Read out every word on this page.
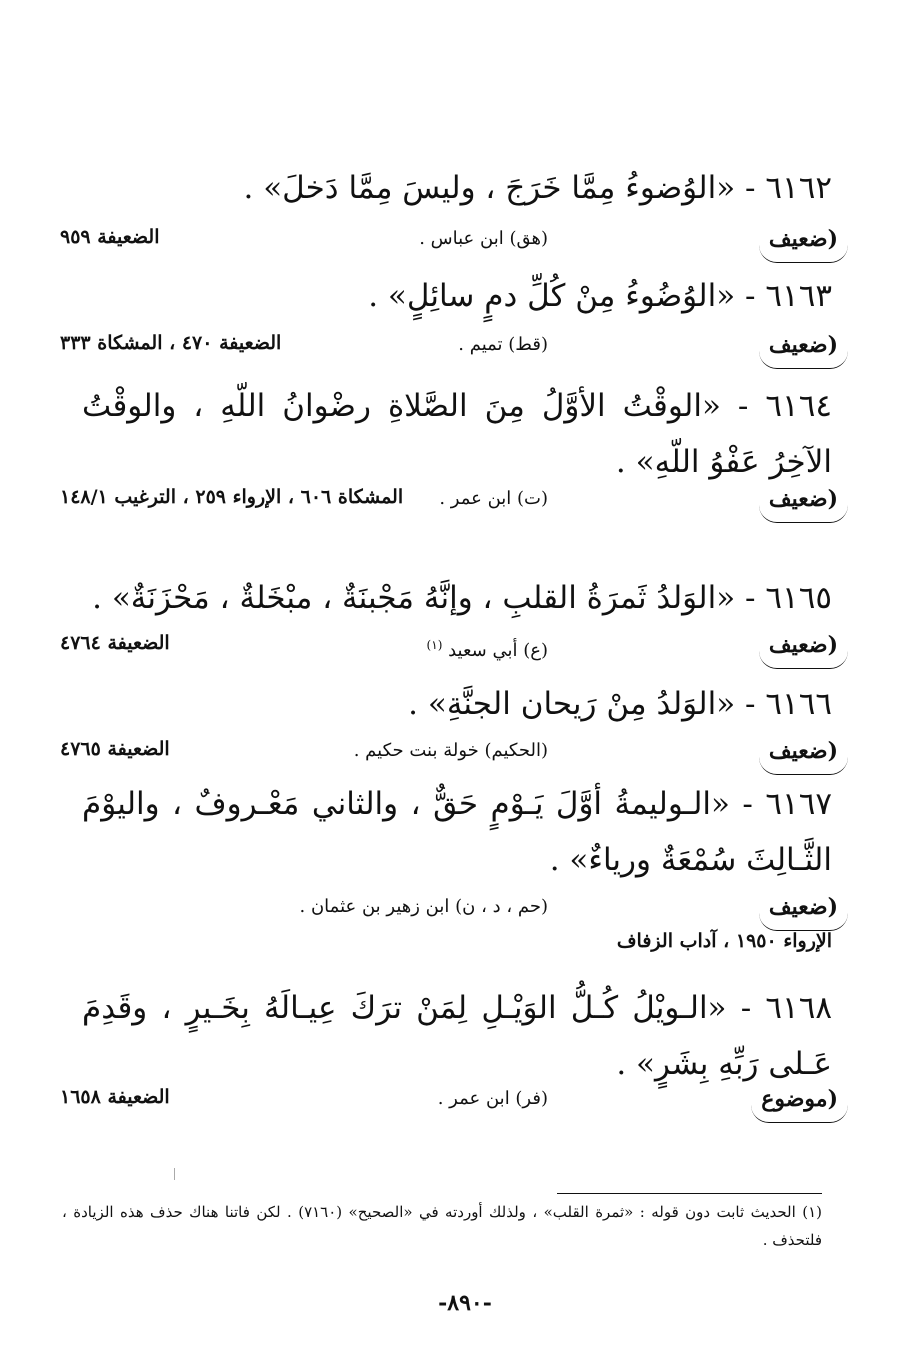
٦١٦٢ - «الوُضوءُ مِمَّا خَرَجَ ، وليسَ مِمَّا دَخلَ» .
(ضعيف
(هق) ابن عباس .
الضعيفة ٩٥٩
٦١٦٣ - «الوُضُوءُ مِنْ كُلِّ دمٍ سائِلٍ» .
(ضعيف
(قط) تميم .
الضعيفة ٤٧٠ ، المشكاة ٣٣٣
٦١٦٤ - «الوقْتُ الأوَّلُ مِنَ الصَّلاةِ رضْوانُ اللّهِ ، والوقْتُ الآخِرُ عَفْوُ اللّهِ» .
(ضعيف
(ت) ابن عمر .
المشكاة ٦٠٦ ، الإرواء ٢٥٩ ، الترغيب ١٤٨/١
٦١٦٥ - «الوَلدُ ثَمرَةُ القلبِ ، وإنَّهُ مَجْبنَةٌ ، مبْخَلةٌ ، مَحْزَنَةٌ» .
(ضعيف
(ع) أبي سعيد $^{(١)}$
الضعيفة ٤٧٦٤
٦١٦٦ - «الوَلدُ مِنْ رَيحان الجنَّةِ» .
(ضعيف
(الحكيم) خولة بنت حكيم .
الضعيفة ٤٧٦٥
٦١٦٧ - «الـوليمةُ أوَّلَ يَـوْمٍ حَقٌّ ، والثاني مَعْـروفٌ ، واليوْمَ الثَّـالِثَ سُمْعَةٌ ورياءٌ» .
(ضعيف
(حم ، د ، ن) ابن زهير بن عثمان .
الإرواء ١٩٥٠ ، آداب الزفاف
٦١٦٨ - «الـويْلُ كُـلُّ الوَيْـلِ لِمَنْ ترَكَ عِيـالَهُ بِخَـيرٍ ، وقَدِمَ عَـلى رَبِّهِ بِشَرٍ» .
(موضوع
(فر) ابن عمر .
الضعيفة ١٦٥٨
(١) الحديث ثابت دون قوله : «ثمرة القلب» ، ولذلك أوردته في «الصحيح» (٧١٦٠) . لكن فاتنا هناك حذف هذه الزيادة ، فلتحذف .
-٨٩٠-
